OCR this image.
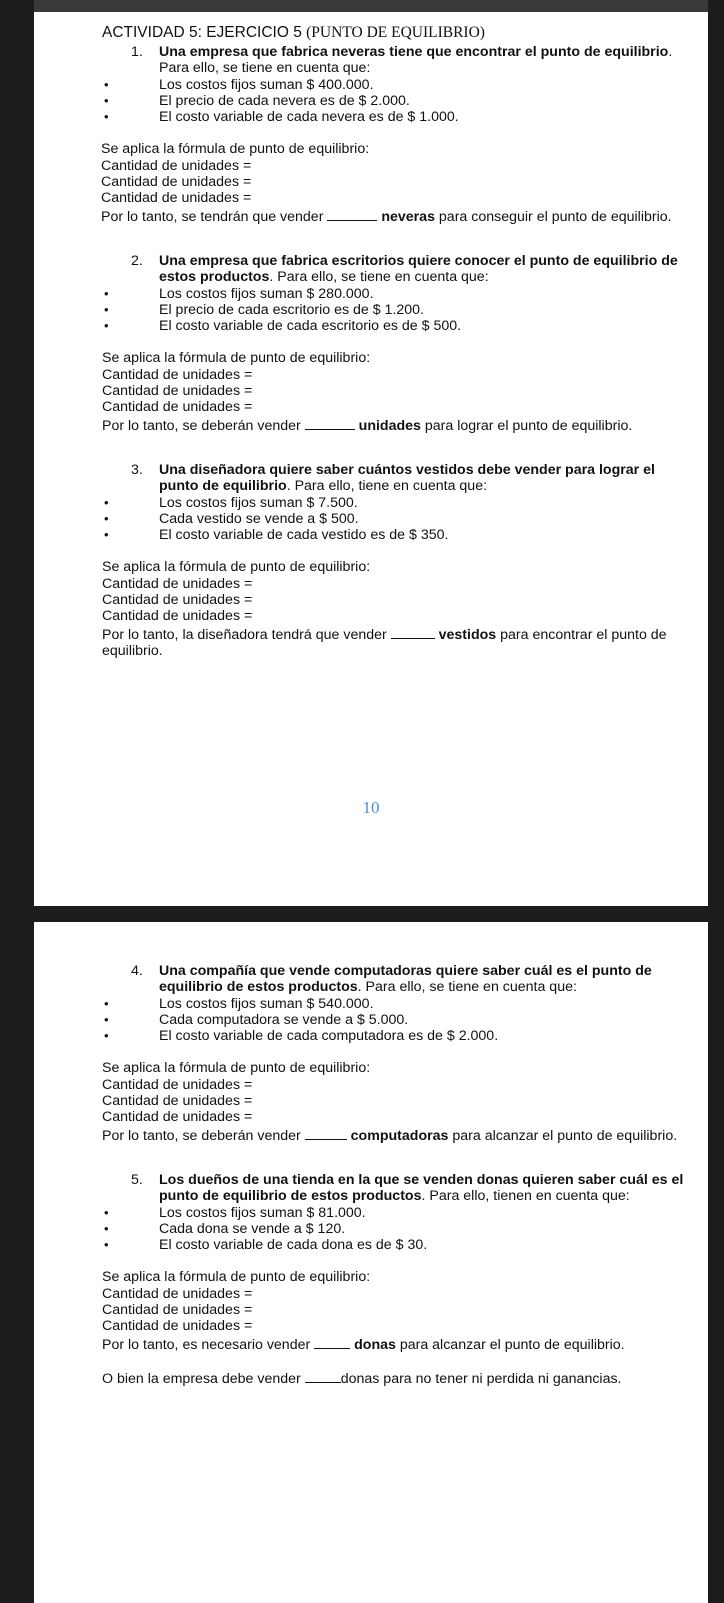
ACTIVIDAD 5: EJERCICIO 5 (PUNTO DE EQUILIBRIO)
1. Una empresa que fabrica neveras tiene que encontrar el punto de equilibrio. Para ello, se tiene en cuenta que:
• Los costos fijos suman $ 400.000.
• El precio de cada nevera es de $ 2.000.
• El costo variable de cada nevera es de $ 1.000.
Se aplica la fórmula de punto de equilibrio:
Cantidad de unidades =
Cantidad de unidades =
Cantidad de unidades =
Por lo tanto, se tendrán que vender	neveras para conseguir el punto de equilibrio.
2. Una empresa que fabrica escritorios quiere conocer el punto de equilibrio de estos productos. Para ello, se tiene en cuenta que:
• Los costos fijos suman $ 280.000.
• El precio de cada escritorio es de $ 1.200.
• El costo variable de cada escritorio es de $ 500.
Se aplica la fórmula de punto de equilibrio:
Cantidad de unidades =
Cantidad de unidades =
Cantidad de unidades =
Por lo tanto, se deberán vender	unidades para lograr el punto de equilibrio.
3. Una diseñadora quiere saber cuántos vestidos debe vender para lograr el punto de equilibrio. Para ello, tiene en cuenta que:
• Los costos fijos suman $ 7.500.
• Cada vestido se vende a $ 500.
• El costo variable de cada vestido es de $ 350.
Se aplica la fórmula de punto de equilibrio:
Cantidad de unidades =
Cantidad de unidades =
Cantidad de unidades =
Por lo tanto, la diseñadora tendrá que vender	vestidos para encontrar el punto de equilibrio.
10
4. Una compañía que vende computadoras quiere saber cuál es el punto de equilibrio de estos productos. Para ello, se tiene en cuenta que:
• Los costos fijos suman $ 540.000.
• Cada computadora se vende a $ 5.000.
• El costo variable de cada computadora es de $ 2.000.
Se aplica la fórmula de punto de equilibrio:
Cantidad de unidades =
Cantidad de unidades =
Cantidad de unidades =
Por lo tanto, se deberán vender	computadoras para alcanzar el punto de equilibrio.
5. Los dueños de una tienda en la que se venden donas quieren saber cuál es el punto de equilibrio de estos productos. Para ello, tienen en cuenta que:
• Los costos fijos suman $ 81.000.
• Cada dona se vende a $ 120.
• El costo variable de cada dona es de $ 30.
Se aplica la fórmula de punto de equilibrio:
Cantidad de unidades =
Cantidad de unidades =
Cantidad de unidades =
Por lo tanto, es necesario vender	donas para alcanzar el punto de equilibrio.
O bien la empresa debe vender	donas para no tener ni perdida ni ganancias.
